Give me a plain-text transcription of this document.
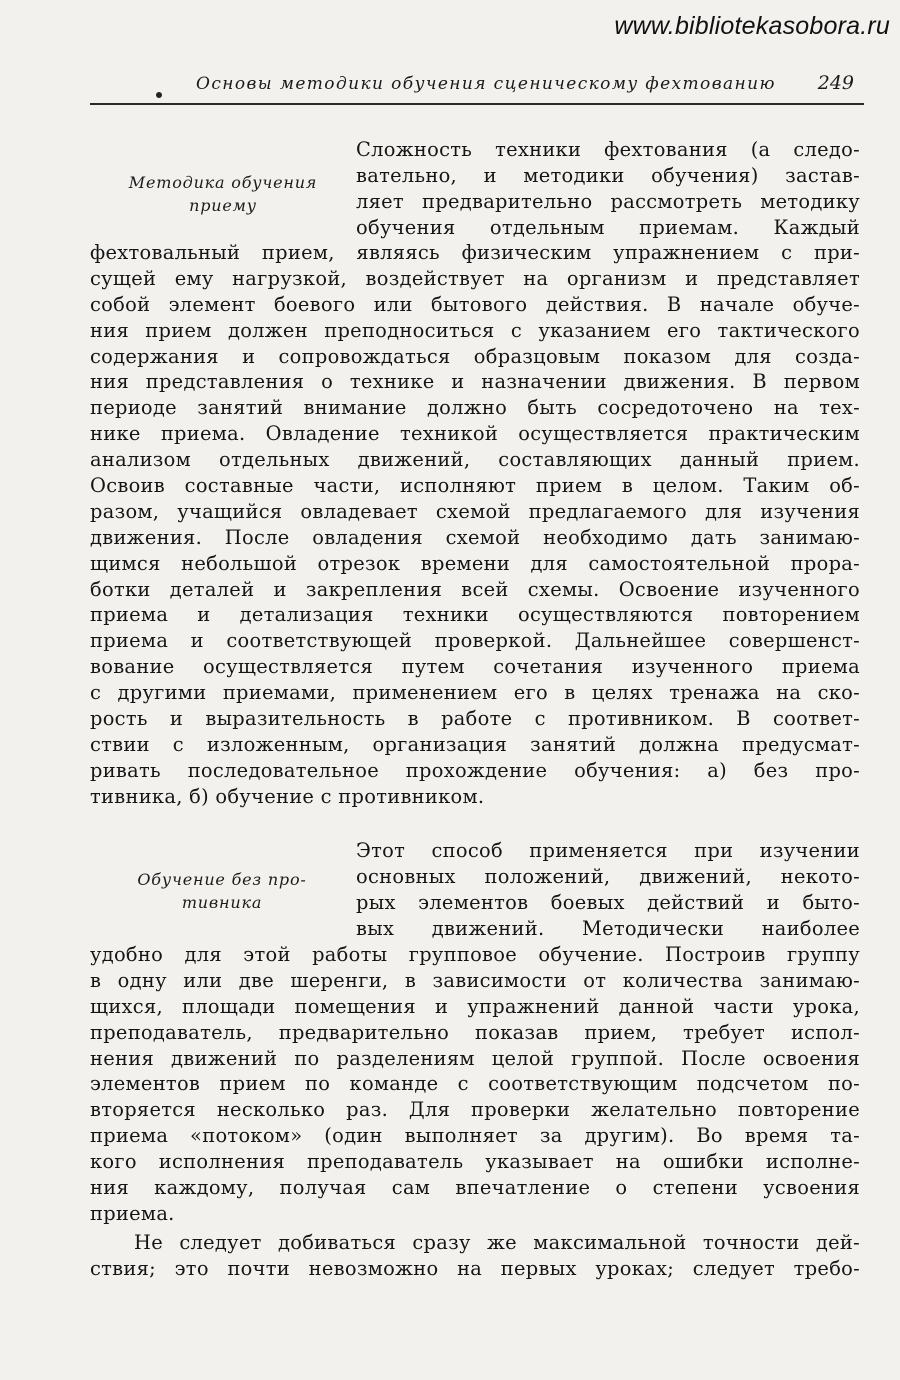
www.bibliotekasobora.ru
Основы методики обучения сценическому фехтованию 249
Методика обучения
приему
Сложность техники фехтования (а следо-
вательно, и методики обучения) застав-
ляет предварительно рассмотреть методику
обучения отдельным приемам. Каждый
фехтовальный прием, являясь физическим упражнением с при-
сущей ему нагрузкой, воздействует на организм и представляет
собой элемент боевого или бытового действия. В начале обуче-
ния прием должен преподноситься с указанием его тактического
содержания и сопровождаться образцовым показом для созда-
ния представления о технике и назначении движения. В первом
периоде занятий внимание должно быть сосредоточено на тех-
нике приема. Овладение техникой осуществляется практическим
анализом отдельных движений, составляющих данный прием.
Освоив составные части, исполняют прием в целом. Таким об-
разом, учащийся овладевает схемой предлагаемого для изучения
движения. После овладения схемой необходимо дать занимаю-
щимся небольшой отрезок времени для самостоятельной прора-
ботки деталей и закрепления всей схемы. Освоение изученного
приема и детализация техники осуществляются повторением
приема и соответствующей проверкой. Дальнейшее совершенст-
вование осуществляется путем сочетания изученного приема
с другими приемами, применением его в целях тренажа на ско-
рость и выразительность в работе с противником. В соответ-
ствии с изложенным, организация занятий должна предусмат-
ривать последовательное прохождение обучения: а) без про-
тивника, б) обучение с противником.
Обучение без про-
тивника
Этот способ применяется при изучении
основных положений, движений, некото-
рых элементов боевых действий и быто-
вых движений. Методически наиболее
удобно для этой работы групповое обучение. Построив группу
в одну или две шеренги, в зависимости от количества занимаю-
щихся, площади помещения и упражнений данной части урока,
преподаватель, предварительно показав прием, требует испол-
нения движений по разделениям целой группой. После освоения
элементов прием по команде с соответствующим подсчетом по-
вторяется несколько раз. Для проверки желательно повторение
приема «потоком» (один выполняет за другим). Во время та-
кого исполнения преподаватель указывает на ошибки исполне-
ния каждому, получая сам впечатление о степени усвоения
приема.
Не следует добиваться сразу же максимальной точности дей-
ствия; это почти невозможно на первых уроках; следует требо-
